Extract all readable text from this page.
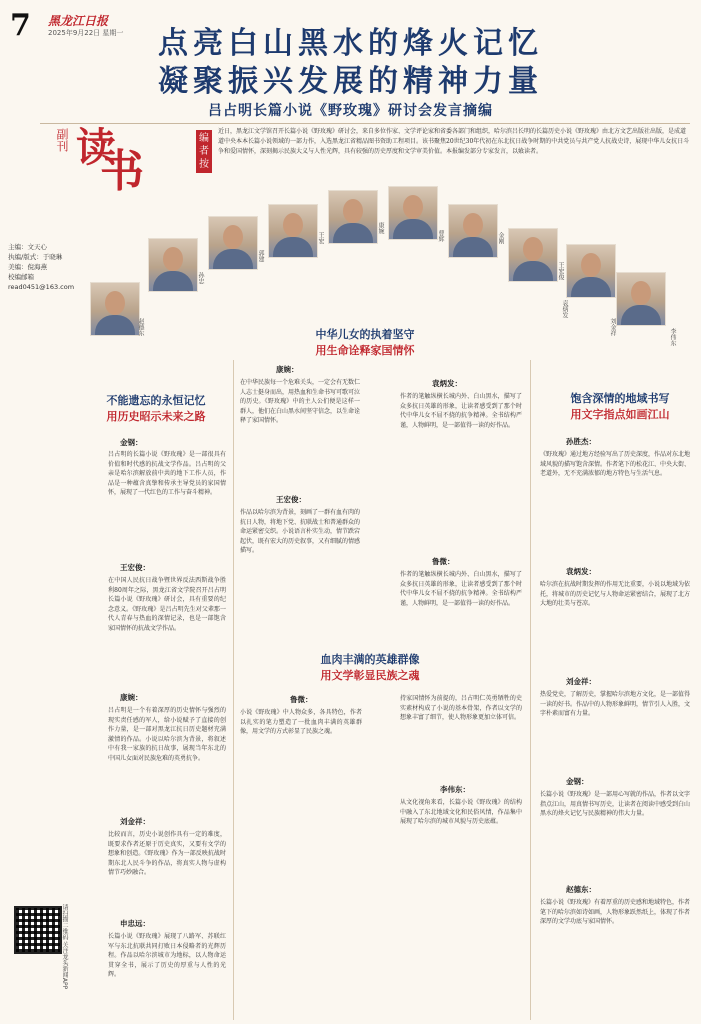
7 黑龙江日报
2025年9月22日 星期一	点亮白山黑水的烽火记忆
凝聚振兴发展的精神力量
吕占明长篇小说《野玫瑰》研讨会发言摘编
副刊 读
书
编者按
近日，黑龙江文学馆召开长篇小说《野玫瑰》研讨会，来自多位作家、文学评论家和省委各部门和组织，哈尔滨吕长明的长篇历史小说《野玫瑰》由北方文艺出版社出版，是成道道中央本本长篇小说领域的一部力作，入选黑龙江省精品图书资助工程项目。该书聚焦20世纪30年代初在东北抗日战争时期的中共党员与共产党人抗战史诗，展现中华儿女抗日斗争和爱国情怀，深刻揭示民族大义与人性光辉，具有较强的历史厚度和文学审美价值。本报编发部分专家发言，以飨读者。
主编：文天心
执编/版式：于晓琳
美编：倪海燕
校编邮箱
read0451@163.com
赵德东
孙忠
郭建
王宏
康婉
曹辉	金刚
王宏俊
袁炳发
刘金祥
李伟东
不能遗忘的永恒记忆
用历史昭示未来之路
中华儿女的执着坚守
用生命诠释家国情怀
血肉丰满的英雄群像
用文学彰显民族之魂
饱含深情的地域书写
用文字指点如画江山
金钢：
吕占明的长篇小说《野玫瑰》是一部很具有价值和时代感的抗战文学作品。吕占明的父亲是哈尔滨解放前中共的地下工作人员，作品是一种蕴含真挚和传承主导党员的家国情怀，展现了一代红色的工作与奋斗精神。
王宏俊：
在中国人民抗日战争暨世界反法西斯战争胜利80周年之际，黑龙江省文学院召开吕占明长篇小说《野玫瑰》研讨会，具有重要的纪念意义。《野玫瑰》是吕占明先生对父辈那一代人青春与热血的深情记录，也是一部饱含家国情怀的抗战文学作品。
康婉：
吕占明是一个有着深厚的历史情怀与强烈的现实责任感的军人，给小说赋予了直接的创作力量，是一部对黑龙江抗日历史题材充满激情的作品。小说以哈尔滨为背景，将叙述中有我一家族的抗日故事，展现当年东北的中国儿女面对民族危难的英勇抗争。
刘金祥：
比较而言，历史小说创作具有一定的难度，既要求作者还原于历史真实，又要有文学的想象和创造。《野玫瑰》作为一部反映抗战时期东北人民斗争的作品，将真实人物与虚构情节巧妙融合。
申忠远：
长篇小说《野玫瑰》展现了八路军、苏联红军与东北抗联共同打败日本侵略者的光辉历程。作品以哈尔滨城市为地标，以人物命运贯穿全书，展示了历史的厚重与人性的光辉。
康婉：
在中华民族每一个危难关头，一定会有无数仁人志士挺身而出，用热血和生命书写可歌可泣的历史。《野玫瑰》中的主人公们便是这样一群人，他们在白山黑水间坚守信念，以生命诠释了家国情怀。
王宏俊：
作品以哈尔滨为背景，刻画了一群有血有肉的抗日人物，将地下党、抗联战士和普通群众的命运紧密交织。小说语言朴实生动，情节跌宕起伏，既有宏大的历史叙事，又有细腻的情感描写。
袁炳发：
作者的笔触纵横长城内外、白山黑水，描写了众多抗日英雄的形象，让读者感受到了那个时代中华儿女不屈不挠的抗争精神。全书结构严谨，人物鲜明，是一部值得一读的好作品。
鲁微：
作者的笔触纵横长城内外、白山黑水，描写了众多抗日英雄的形象，让读者感受到了那个时代中华儿女不屈不挠的抗争精神。全书结构严谨，人物鲜明，是一部值得一读的好作品。
鲁微：
小说《野玫瑰》中人物众多，各具特色，作者以扎实的笔力塑造了一批血肉丰满的英雄群像，用文学的方式彰显了民族之魂。
持家国情怀为前提的，吕占明仁英勇牺牲的史实素材构成了小说的基本骨架，作者以文学的想象丰富了细节，使人物形象更加立体可信。
李伟东：
从文化视角来看，长篇小说《野玫瑰》的结构中融入了东北地域文化和民俗风情，作品集中展现了哈尔滨的城市风貌与历史底蕴。
孙胜杰：
《野玫瑰》通过地方经验写出了历史深度，作品对东北地域风貌的描写饱含深情。作者笔下的松花江、中央大街、老道外，无不充满浓郁的地方特色与生活气息。
袁炳发：
哈尔滨在抗战时期发挥的作用无比重要，小说以地域为依托，将城市的历史记忆与人物命运紧密结合，展现了北方大地的壮美与苍凉。
刘金祥：
热爱党史，了解历史，掌握哈尔滨地方文化，是一部值得一读的好书。作品中的人物形象鲜明，情节引人入胜，文字朴素而富有力量。
金钢：
长篇小说《野玫瑰》是一部用心写就的作品，作者以文字指点江山，用真情书写历史，让读者在阅读中感受到白山黑水的烽火记忆与民族精神的伟大力量。
赵德东：
长篇小说《野玫瑰》有着厚重的历史感和地域特色，作者笔下的哈尔滨如诗如画，人物形象跃然纸上，体现了作者深厚的文学功底与家国情怀。
请扫描二维码 关注龙头新闻APP
